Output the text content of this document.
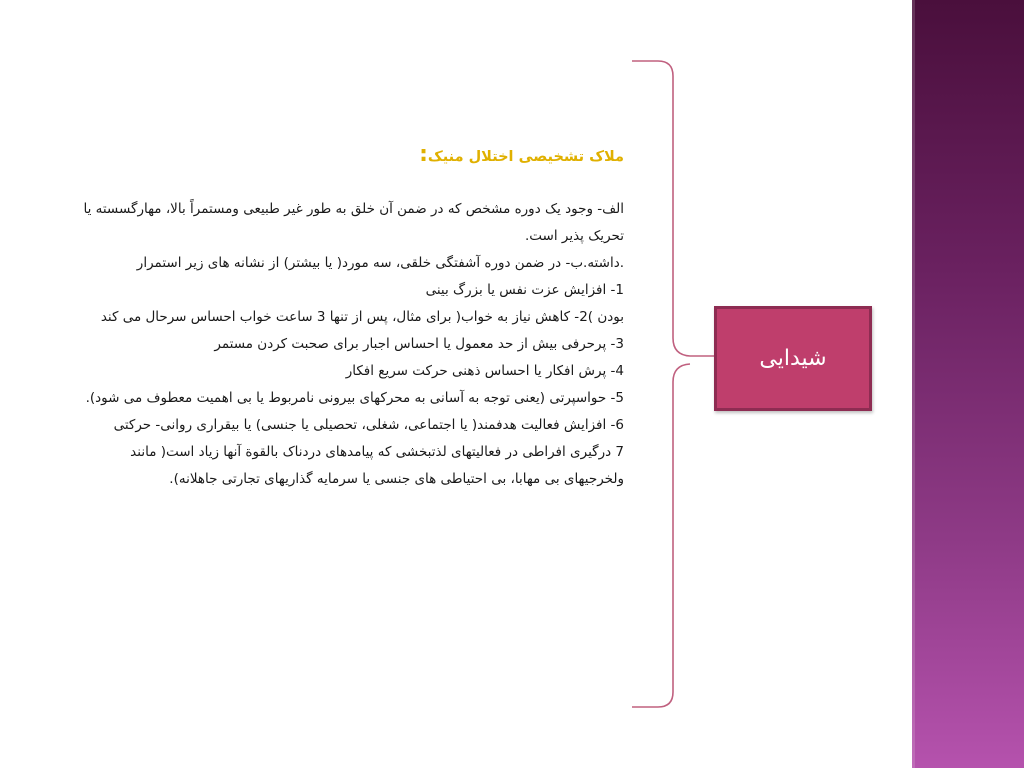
شیدایی

ملاک تشخیصی اختلال منیک:

الف- وجود یک دوره مشخص که در ضمن آن خلق به طور غیر طبیعی ومستمراً بالا، مهارگسسته یا تحریک پذیر است.

.داشته.ب- در ضمن دوره آشفتگی خلقی، سه مورد( یا بیشتر) از نشانه های زیر استمرار

1- افزایش عزت نفس یا بزرگ بینی

بودن )2- کاهش نیاز به خواب( برای مثال، پس از تنها 3 ساعت خواب احساس سرحال می کند

3- پرحرفی بیش از حد معمول یا احساس اجبار برای صحبت کردن مستمر

4- پرش افکار یا احساس ذهنی حرکت سریع افکار

5- حواسپرتی (یعنی توجه به آسانی به محرکهای بیرونی نامربوط یا بی اهمیت معطوف می شود).

6- افزایش فعالیت هدفمند( یا اجتماعی، شغلی، تحصیلی یا جنسی) یا بیقراری روانی- حرکتی

7 درگیری افراطی در فعالیتهای لذتبخشی که پیامدهای دردناک بالقوة آنها زیاد است( مانند ولخرجیهای بی مهابا، بی احتیاطی های جنسی یا سرمایه گذاریهای تجارتی جاهلانه).
